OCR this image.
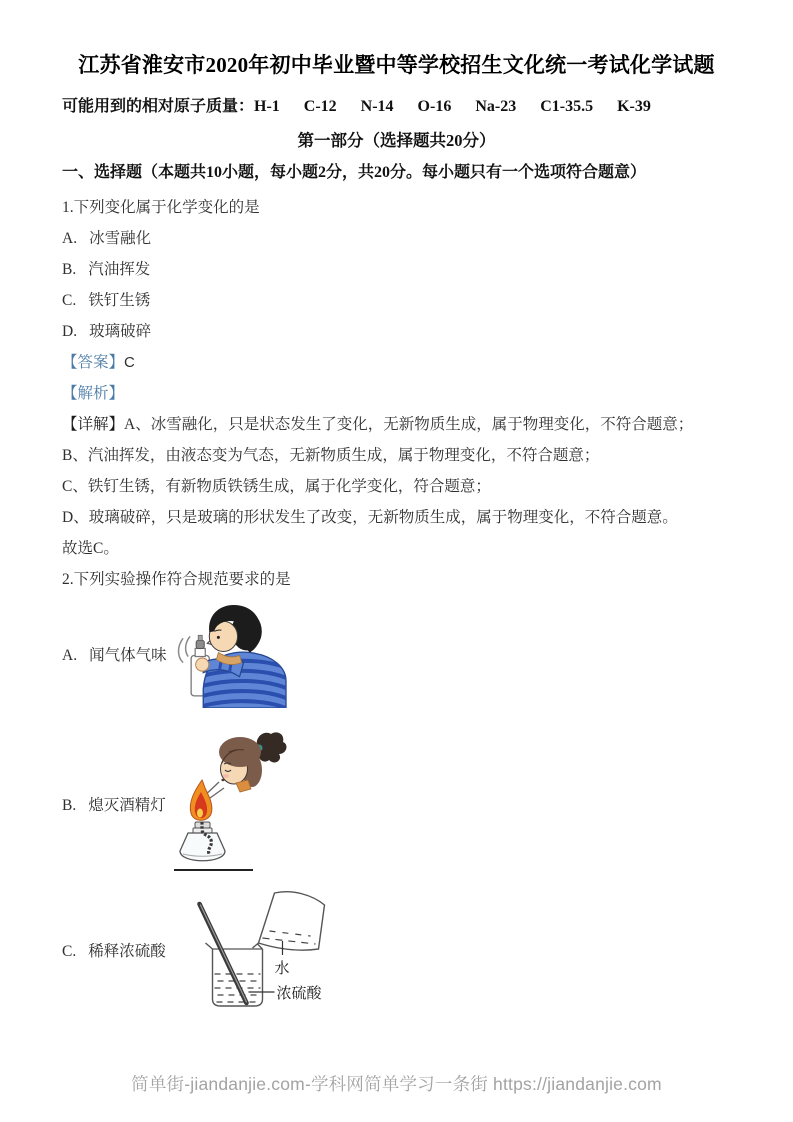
江苏省淮安市2020年初中毕业暨中等学校招生文化统一考试化学试题

可能用到的相对原子质量：H-1      C-12      N-14      O-16      Na-23      C1-35.5      K-39

第一部分（选择题共20分）

一、选择题（本题共10小题，每小题2分，共20分。每小题只有一个选项符合题意）

1.下列变化属于化学变化的是

A. 冰雪融化

B. 汽油挥发

C. 铁钉生锈

D. 玻璃破碎

【答案】C

【解析】

【详解】A、冰雪融化，只是状态发生了变化，无新物质生成，属于物理变化，不符合题意；

B、汽油挥发，由液态变为气态，无新物质生成，属于物理变化，不符合题意；

C、铁钉生锈，有新物质铁锈生成，属于化学变化，符合题意；

D、玻璃破碎，只是玻璃的形状发生了改变，无新物质生成，属于物理变化，不符合题意。

故选C。

2.下列实验操作符合规范要求的是

A. 闻气体气味
B. 熄灭酒精灯
C. 稀释浓硫酸
水
浓硫酸
简单街-jiandanjie.com-学科网简单学习一条街 https://jiandanjie.com
